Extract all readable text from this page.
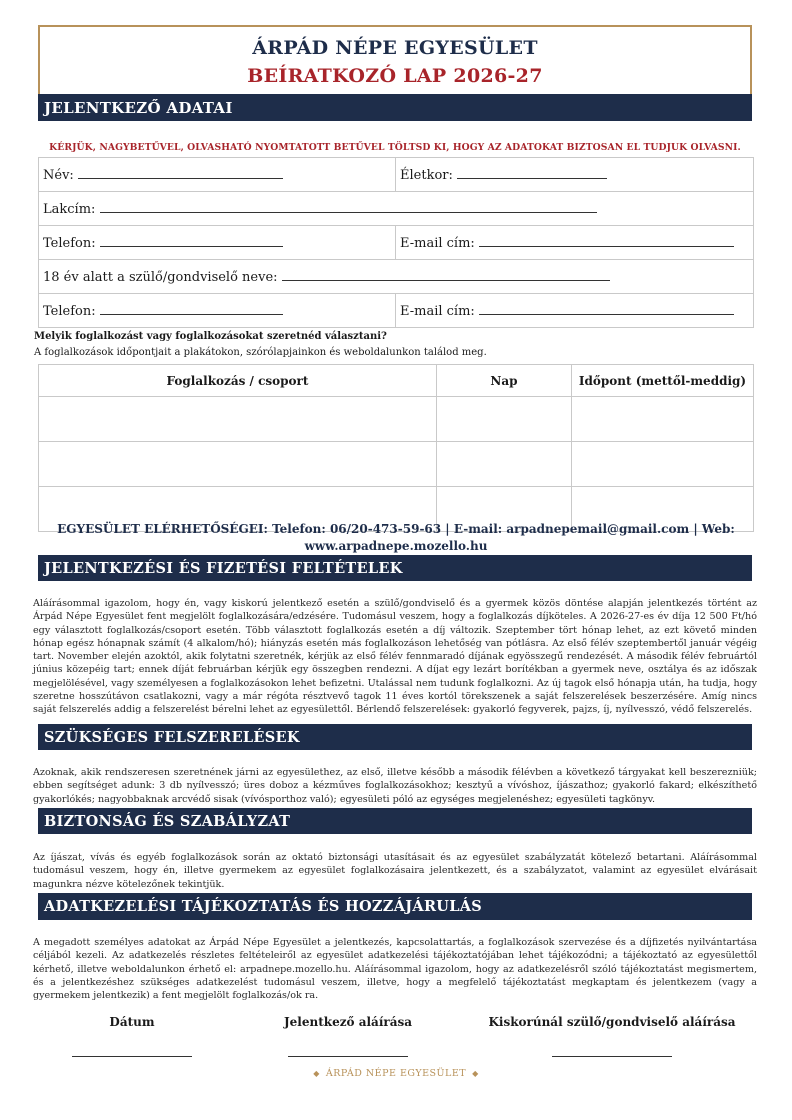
ÁRPÁD NÉPE EGYESÜLET
BEÍRATKOZÓ LAP 2026-27
JELENTKEZŐ ADATAI
KÉRJÜK, NAGYBETŰVEL, OLVASHATÓ NYOMTATOTT BETŰVEL TÖLTSD KI, HOGY AZ ADATOKAT BIZTOSAN EL TUDJUK OLVASNI.
Név:	Életkor:
Lakcím:	
Telefon:	E-mail cím:
18 év alatt a szülő/gondviselő neve:	
Telefon:	E-mail cím:
Melyik foglalkozást vagy foglalkozásokat szeretnéd választani?
A foglalkozások időpontjait a plakátokon, szórólapjainkon és weboldalunkon találod meg.
Foglalkozás / csoport	Nap	Időpont (mettől-meddig)

EGYESÜLET ELÉRHETŐSÉGEI: Telefon: 06/20-473-59-63 | E-mail: arpadnepemail@gmail.com | Web:
www.arpadnepe.mozello.hu
JELENTKEZÉSI ÉS FIZETÉSI FELTÉTELEK
Aláírásommal igazolom, hogy én, vagy kiskorú jelentkező esetén a szülő/gondviselő és a gyermek közös döntése alapján jelentkezés történt az Árpád Népe Egyesület fent megjelölt foglalkozására/edzésére. Tudomásul veszem, hogy a foglalkozás díjköteles. A 2026-27-es év díja 12 500 Ft/hó egy választott foglalkozás/csoport esetén. Több választott foglalkozás esetén a díj változik. Szeptember tört hónap lehet, az ezt követő minden hónap egész hónapnak számít (4 alkalom/hó); hiányzás esetén más foglalkozáson lehetőség van pótlásra. Az első félév szeptembertől január végéig tart. November elején azoktól, akik folytatni szeretnék, kérjük az első félév fennmaradó díjának egyösszegű rendezését. A második félév februártól június közepéig tart; ennek díját februárban kérjük egy összegben rendezni. A díjat egy lezárt borítékban a gyermek neve, osztálya és az időszak megjelölésével, vagy személyesen a foglalkozásokon lehet befizetni. Utalással nem tudunk foglalkozni. Az új tagok első hónapja után, ha tudja, hogy szeretne hosszútávon csatlakozni, vagy a már régóta résztvevő tagok 11 éves kortól törekszenek a saját felszerelések beszerzésére. Amíg nincs saját felszerelés addig a felszerelést bérelni lehet az egyesülettől. Bérlendő felszerelések: gyakorló fegyverek, pajzs, íj, nyílvesszó, védő felszerelés.
SZÜKSÉGES FELSZERELÉSEK
Azoknak, akik rendszeresen szeretnének járni az egyesülethez, az első, illetve később a második félévben a következő tárgyakat kell beszerezniük; ebben segítséget adunk: 3 db nyílvesszó; üres doboz a kézműves foglalkozásokhoz; kesztyű a vívóshoz, íjászathoz; gyakorló fakard; elkészíthető gyakorlókés; nagyobbaknak arcvédő sisak (vívósporthoz való); egyesületi póló az egységes megjelenéshez; egyesületi tagkönyv.
BIZTONSÁG ÉS SZABÁLYZAT
Az íjászat, vívás és egyéb foglalkozások során az oktató biztonsági utasításait és az egyesület szabályzatát kötelező betartani. Aláírásommal tudomásul veszem, hogy én, illetve gyermekem az egyesület foglalkozásaira jelentkezett, és a szabályzatot, valamint az egyesület elvárásait magunkra nézve kötelezőnek tekintjük.
ADATKEZELÉSI TÁJÉKOZTATÁS ÉS HOZZÁJÁRULÁS
A megadott személyes adatokat az Árpád Népe Egyesület a jelentkezés, kapcsolattartás, a foglalkozások szervezése és a díjfizetés nyilvántartása céljából kezeli. Az adatkezelés részletes feltételeiről az egyesület adatkezelési tájékoztatójában lehet tájékozódni; a tájékoztató az egyesülettől kérhető, illetve weboldalunkon érhető el: arpadnepe.mozello.hu. Aláírásommal igazolom, hogy az adatkezelésről szóló tájékoztatást megismertem, és a jelentkezéshez szükséges adatkezelést tudomásul veszem, illetve, hogy a megfelelő tájékoztatást megkaptam és jelentkezem (vagy a gyermekem jelentkezik) a fent megjelölt foglalkozás/ok ra.
Dátum	Jelentkező aláírása	Kiskorúnál szülő/gondviselő aláírása
◆ ÁRPÁD NÉPE EGYESÜLET ◆
